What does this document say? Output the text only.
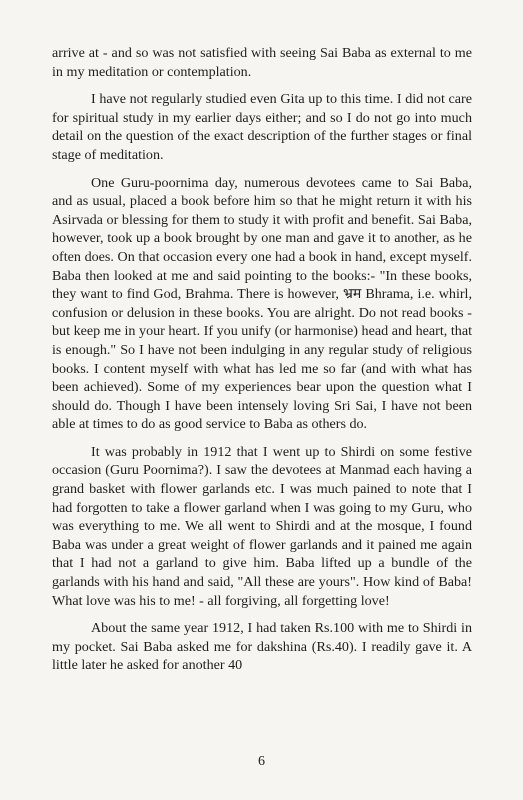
arrive at - and so was not satisfied with seeing Sai Baba as external to me in my meditation or contemplation.

I have not regularly studied even Gita up to this time. I did not care for spiritual study in my earlier days either; and so I do not go into much detail on the question of the exact description of the further stages or final stage of meditation.

One Guru-poornima day, numerous devotees came to Sai Baba, and as usual, placed a book before him so that he might return it with his Asirvada or blessing for them to study it with profit and benefit. Sai Baba, however, took up a book brought by one man and gave it to another, as he often does. On that occasion every one had a book in hand, except myself. Baba then looked at me and said pointing to the books:- "In these books, they want to find God, Brahma. There is however, भ्रम Bhrama, i.e. whirl, confusion or delusion in these books. You are alright. Do not read books - but keep me in your heart. If you unify (or harmonise) head and heart, that is enough." So I have not been indulging in any regular study of religious books. I content myself with what has led me so far (and with what has been achieved). Some of my experiences bear upon the question what I should do. Though I have been intensely loving Sri Sai, I have not been able at times to do as good service to Baba as others do.

It was probably in 1912 that I went up to Shirdi on some festive occasion (Guru Poornima?). I saw the devotees at Manmad each having a grand basket with flower garlands etc. I was much pained to note that I had forgotten to take a flower garland when I was going to my Guru, who was everything to me. We all went to Shirdi and at the mosque, I found Baba was under a great weight of flower garlands and it pained me again that I had not a garland to give him. Baba lifted up a bundle of the garlands with his hand and said, "All these are yours". How kind of Baba! What love was his to me! - all forgiving, all forgetting love!

About the same year 1912, I had taken Rs.100 with me to Shirdi in my pocket. Sai Baba asked me for dakshina (Rs.40). I readily gave it. A little later he asked for another 40

6
